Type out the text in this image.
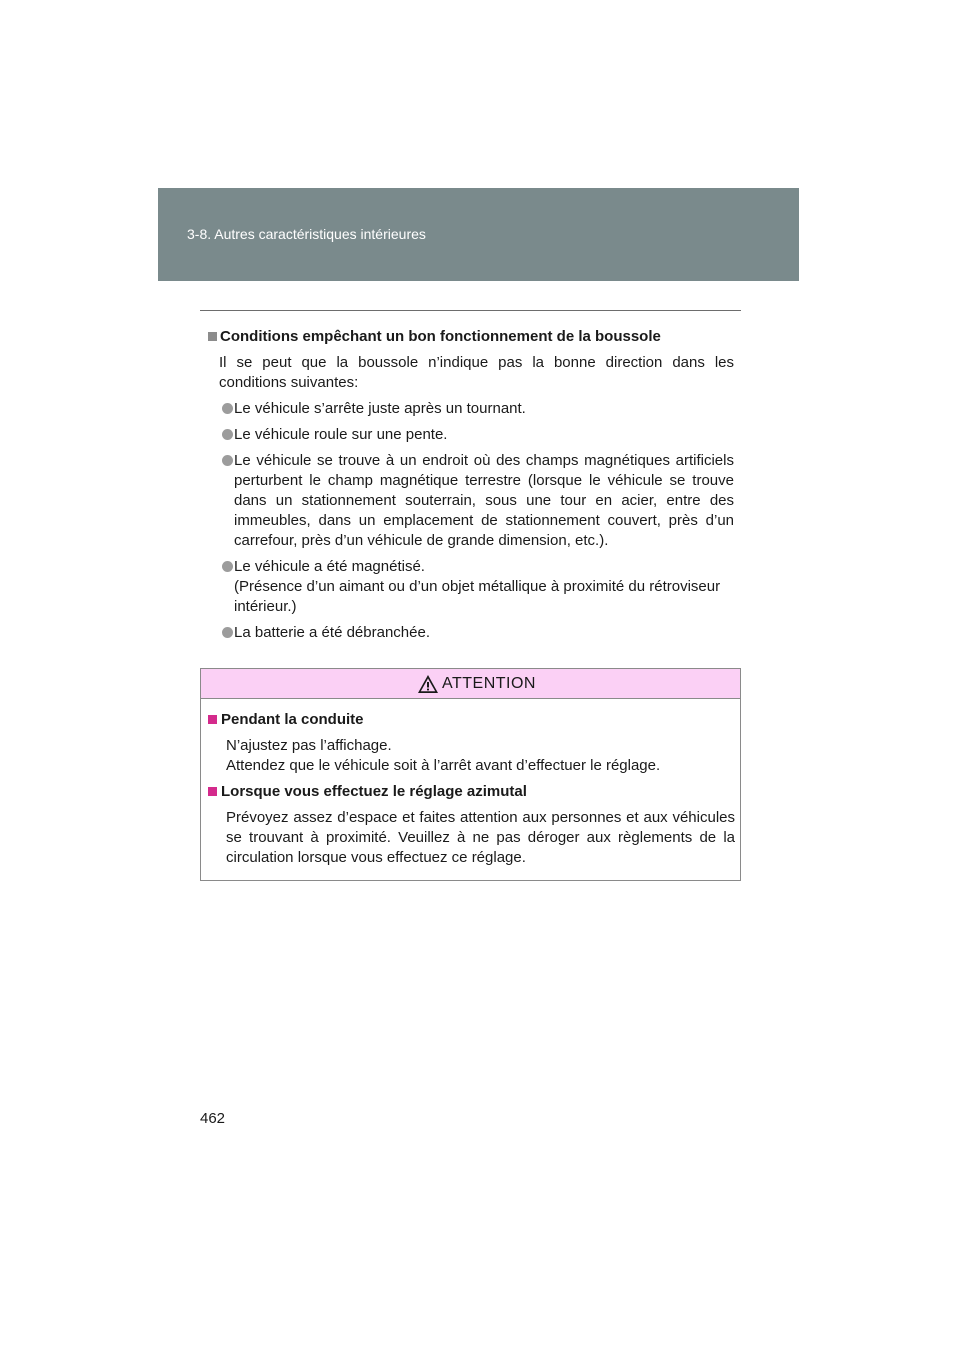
3-8. Autres caractéristiques intérieures
Conditions empêchant un bon fonctionnement de la boussole
Il se peut que la boussole n’indique pas la bonne direction dans les conditions suivantes:
Le véhicule s’arrête juste après un tournant.
Le véhicule roule sur une pente.
Le véhicule se trouve à un endroit où des champs magnétiques artificiels perturbent le champ magnétique terrestre (lorsque le véhicule se trouve dans un stationnement souterrain, sous une tour en acier, entre des immeubles, dans un emplacement de stationnement couvert, près d’un carrefour, près d’un véhicule de grande dimension, etc.).
Le véhicule a été magnétisé.
(Présence d’un aimant ou d’un objet métallique à proximité du rétroviseur intérieur.)
La batterie a été débranchée.
ATTENTION
Pendant la conduite
N’ajustez pas l’affichage.
Attendez que le véhicule soit à l’arrêt avant d’effectuer le réglage.
Lorsque vous effectuez le réglage azimutal
Prévoyez assez d’espace et faites attention aux personnes et aux véhicules se trouvant à proximité. Veuillez à ne pas déroger aux règlements de la circulation lorsque vous effectuez ce réglage.
462
